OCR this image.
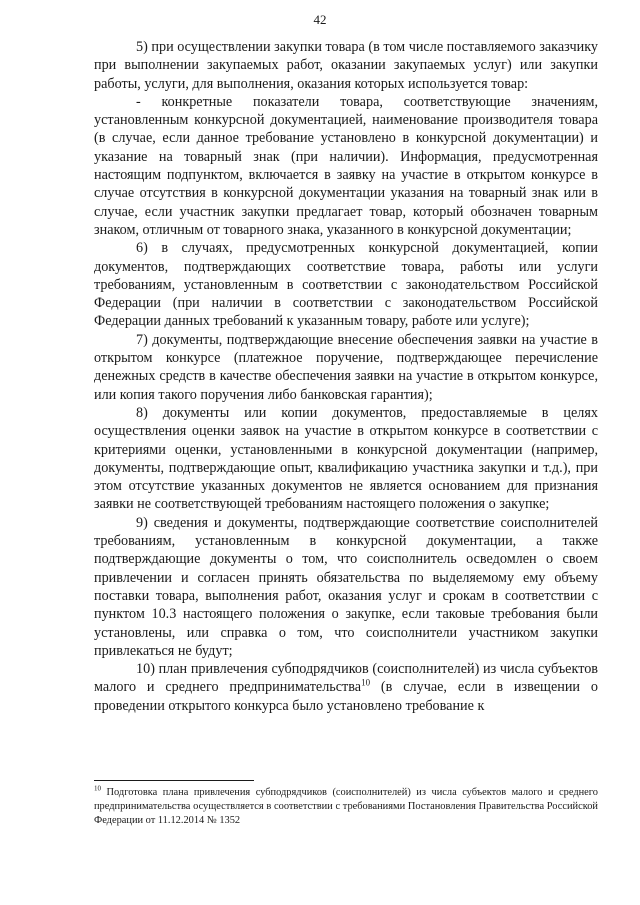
42

5) при осуществлении закупки товара (в том числе поставляемого заказчику при выполнении закупаемых работ, оказании закупаемых услуг) или закупки работы, услуги, для выполнения, оказания которых используется товар:

- конкретные показатели товара, соответствующие значениям, установленным конкурсной документацией, наименование производителя товара (в случае, если данное требование установлено в конкурсной документации) и указание на товарный знак (при наличии). Информация, предусмотренная настоящим подпунктом, включается в заявку на участие в открытом конкурсе в случае отсутствия в конкурсной документации указания на товарный знак или в случае, если участник закупки предлагает товар, который обозначен товарным знаком, отличным от товарного знака, указанного в конкурсной документации;

6) в случаях, предусмотренных конкурсной документацией, копии документов, подтверждающих соответствие товара, работы или услуги требованиям, установленным в соответствии с законодательством Российской Федерации (при наличии в соответствии с законодательством Российской Федерации данных требований к указанным товару, работе или услуге);

7) документы, подтверждающие внесение обеспечения заявки на участие в открытом конкурсе (платежное поручение, подтверждающее перечисление денежных средств в качестве обеспечения заявки на участие в открытом конкурсе, или копия такого поручения либо банковская гарантия);

8) документы или копии документов, предоставляемые в целях осуществления оценки заявок на участие в открытом конкурсе в соответствии с критериями оценки, установленными в конкурсной документации (например, документы, подтверждающие опыт, квалификацию участника закупки и т.д.), при этом отсутствие указанных документов не является основанием для признания заявки не соответствующей требованиям настоящего положения о закупке;

9) сведения и документы, подтверждающие соответствие соисполнителей требованиям, установленным в конкурсной документации, а также подтверждающие документы о том, что соисполнитель осведомлен о своем привлечении и согласен принять обязательства по выделяемому ему объему поставки товара, выполнения работ, оказания услуг и срокам в соответствии с пунктом 10.3 настоящего положения о закупке, если таковые требования были установлены, или справка о том, что соисполнители участником закупки привлекаться не будут;

10) план привлечения субподрядчиков (соисполнителей) из числа субъектов малого и среднего предпринимательства$^{10}$ (в случае, если в извещении о проведении открытого конкурса было установлено требование к

$^{10}$ Подготовка плана привлечения субподрядчиков (соисполнителей) из числа субъектов малого и среднего предпринимательства осуществляется в соответствии с требованиями Постановления Правительства Российской Федерации от 11.12.2014 № 1352
